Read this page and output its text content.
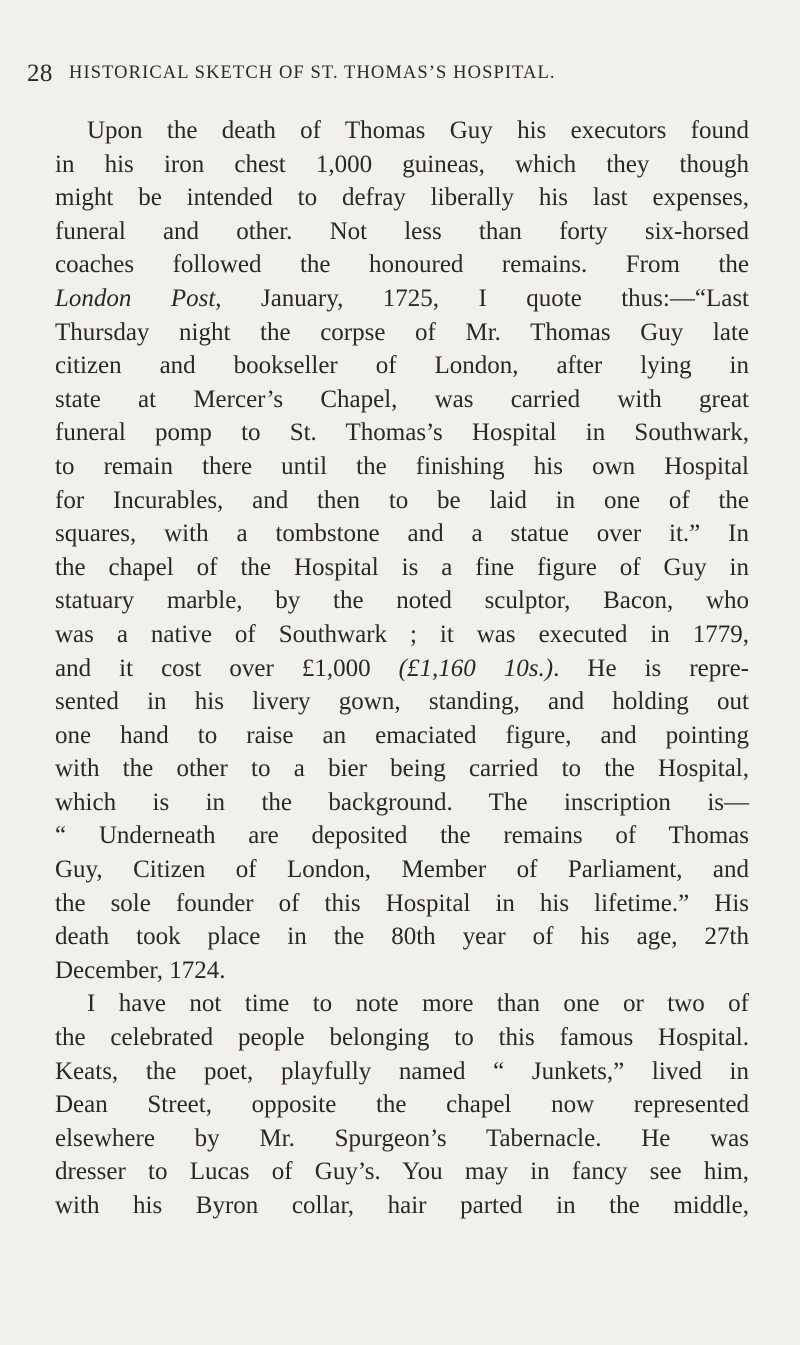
28 HISTORICAL SKETCH OF ST. THOMAS’S HOSPITAL.
Upon the death of Thomas Guy his executors found
in his iron chest 1,000 guineas, which they though
might be intended to defray liberally his last expenses,
funeral and other. Not less than forty six-horsed
coaches followed the honoured remains. From the
London Post, January, 1725, I quote thus:—“Last
Thursday night the corpse of Mr. Thomas Guy late
citizen and bookseller of London, after lying in
state at Mercer’s Chapel, was carried with great
funeral pomp to St. Thomas’s Hospital in Southwark,
to remain there until the finishing his own Hospital
for Incurables, and then to be laid in one of the
squares, with a tombstone and a statue over it.” In
the chapel of the Hospital is a fine figure of Guy in
statuary marble, by the noted sculptor, Bacon, who
was a native of Southwark ; it was executed in 1779,
and it cost over £1,000 (£1,160 10s.). He is repre-
sented in his livery gown, standing, and holding out
one hand to raise an emaciated figure, and pointing
with the other to a bier being carried to the Hospital,
which is in the background. The inscription is—
“ Underneath are deposited the remains of Thomas
Guy, Citizen of London, Member of Parliament, and
the sole founder of this Hospital in his lifetime.” His
death took place in the 80th year of his age, 27th
December, 1724.
I have not time to note more than one or two of
the celebrated people belonging to this famous Hospital.
Keats, the poet, playfully named “ Junkets,” lived in
Dean Street, opposite the chapel now represented
elsewhere by Mr. Spurgeon’s Tabernacle. He was
dresser to Lucas of Guy’s. You may in fancy see him,
with his Byron collar, hair parted in the middle,
